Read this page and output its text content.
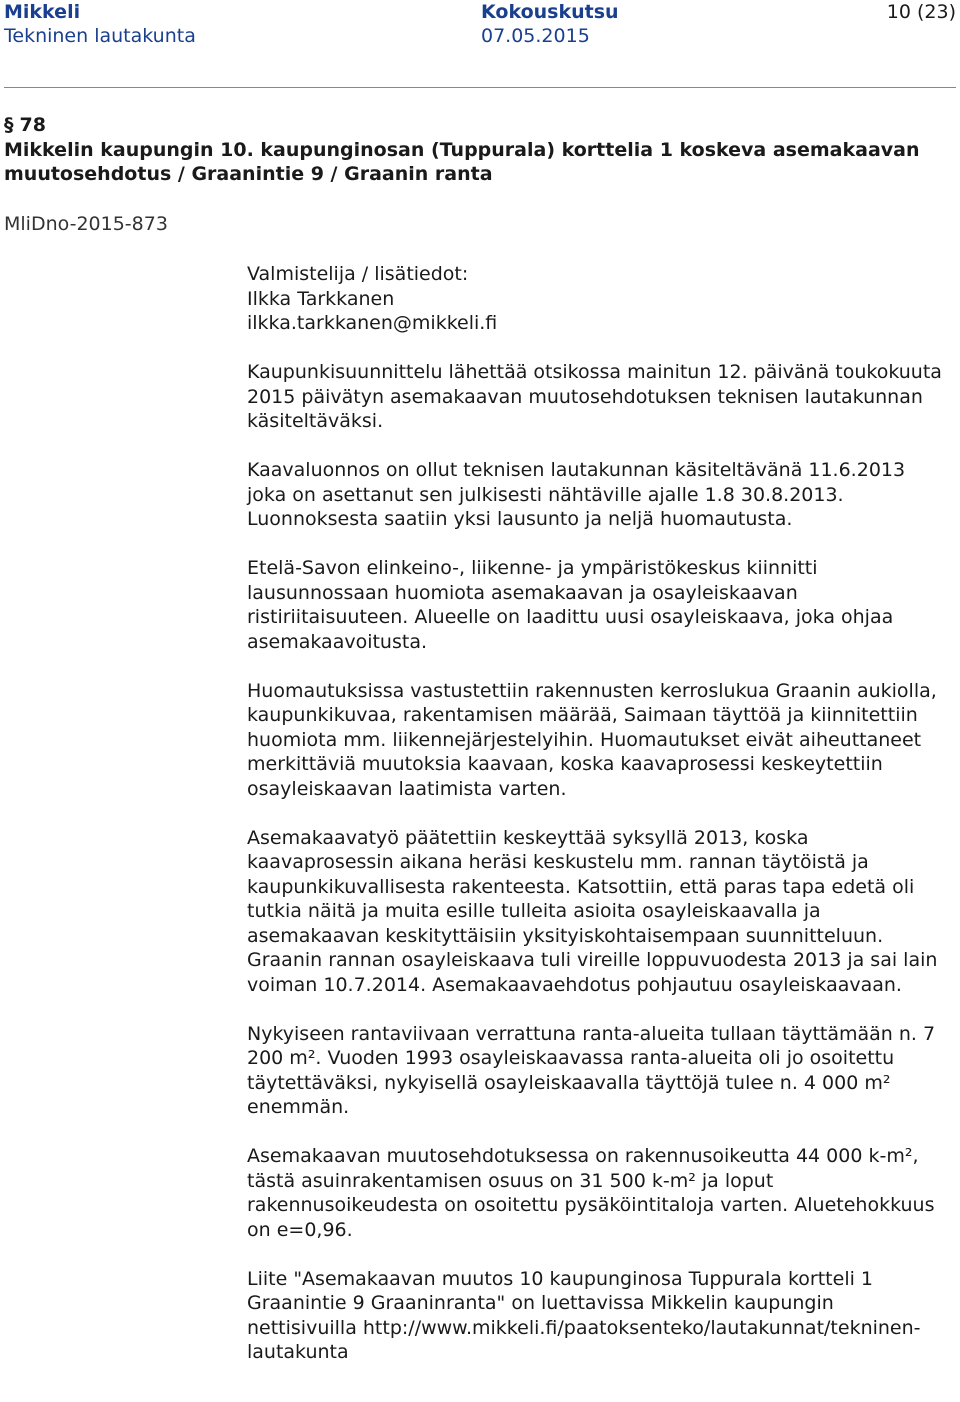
Mikkeli
Tekninen lautakunta
Kokouskutsu
07.05.2015
10 (23)
§ 78
Mikkelin kaupungin 10. kaupunginosan (Tuppurala) korttelia 1 koskeva asemakaavan muutosehdotus / Graanintie 9 / Graanin ranta
MliDno-2015-873

Valmistelija / lisätiedot:

Ilkka Tarkkanen

ilkka.tarkkanen@mikkeli.fi

Kaupunkisuunnittelu lähettää otsikossa mainitun 12. päivänä toukokuuta 2015 päivätyn asemakaavan muutosehdotuksen teknisen lautakunnan käsiteltäväksi.

Kaavaluonnos on ollut teknisen lautakunnan käsiteltävänä 11.6.2013 joka on asettanut sen julkisesti nähtäville ajalle 1.8 30.8.2013. Luonnoksesta saatiin yksi lausunto ja neljä huomautusta.

Etelä-Savon elinkeino-, liikenne- ja ympäristökeskus kiinnitti lausunnossaan huomiota asemakaavan ja osayleiskaavan ristiriitaisuuteen. Alueelle on laadittu uusi osayleiskaava, joka ohjaa asemakaavoitusta.

Huomautuksissa vastustettiin rakennusten kerroslukua Graanin aukiolla, kaupunkikuvaa, rakentamisen määrää, Saimaan täyttöä ja kiinnitettiin huomiota mm. liikennejärjestelyihin. Huomautukset eivät aiheuttaneet merkittäviä muutoksia kaavaan, koska kaavaprosessi keskeytettiin osayleiskaavan laatimista varten.

Asemakaavatyö päätettiin keskeyttää syksyllä 2013, koska kaavaprosessin aikana heräsi keskustelu mm. rannan täytöistä ja kaupunkikuvallisesta rakenteesta. Katsottiin, että paras tapa edetä oli tutkia näitä ja muita esille tulleita asioita osayleiskaavalla ja asemakaavan keskityttäisiin yksityiskohtaisempaan suunnitteluun. Graanin rannan osayleiskaava tuli vireille loppuvuodesta 2013 ja sai lain voiman 10.7.2014. Asemakaavaehdotus pohjautuu osayleiskaavaan.

Nykyiseen rantaviivaan verrattuna ranta-alueita tullaan täyttämään n. 7 200 m². Vuoden 1993 osayleiskaavassa ranta-alueita oli jo osoitettu täytettäväksi, nykyisellä osayleiskaavalla täyttöjä tulee n. 4 000 m² enemmän.

Asemakaavan muutosehdotuksessa on rakennusoikeutta 44 000 k-m², tästä asuinrakentamisen osuus on 31 500 k-m² ja loput rakennusoikeudesta on osoitettu pysäköintitaloja varten. Aluetehokkuus on e=0,96.

Liite "Asemakaavan muutos 10 kaupunginosa Tuppurala kortteli 1 Graanintie 9 Graaninranta" on luettavissa Mikkelin kaupungin nettisivuilla http://www.mikkeli.fi/paatoksenteko/lautakunnat/tekninen-lautakunta
